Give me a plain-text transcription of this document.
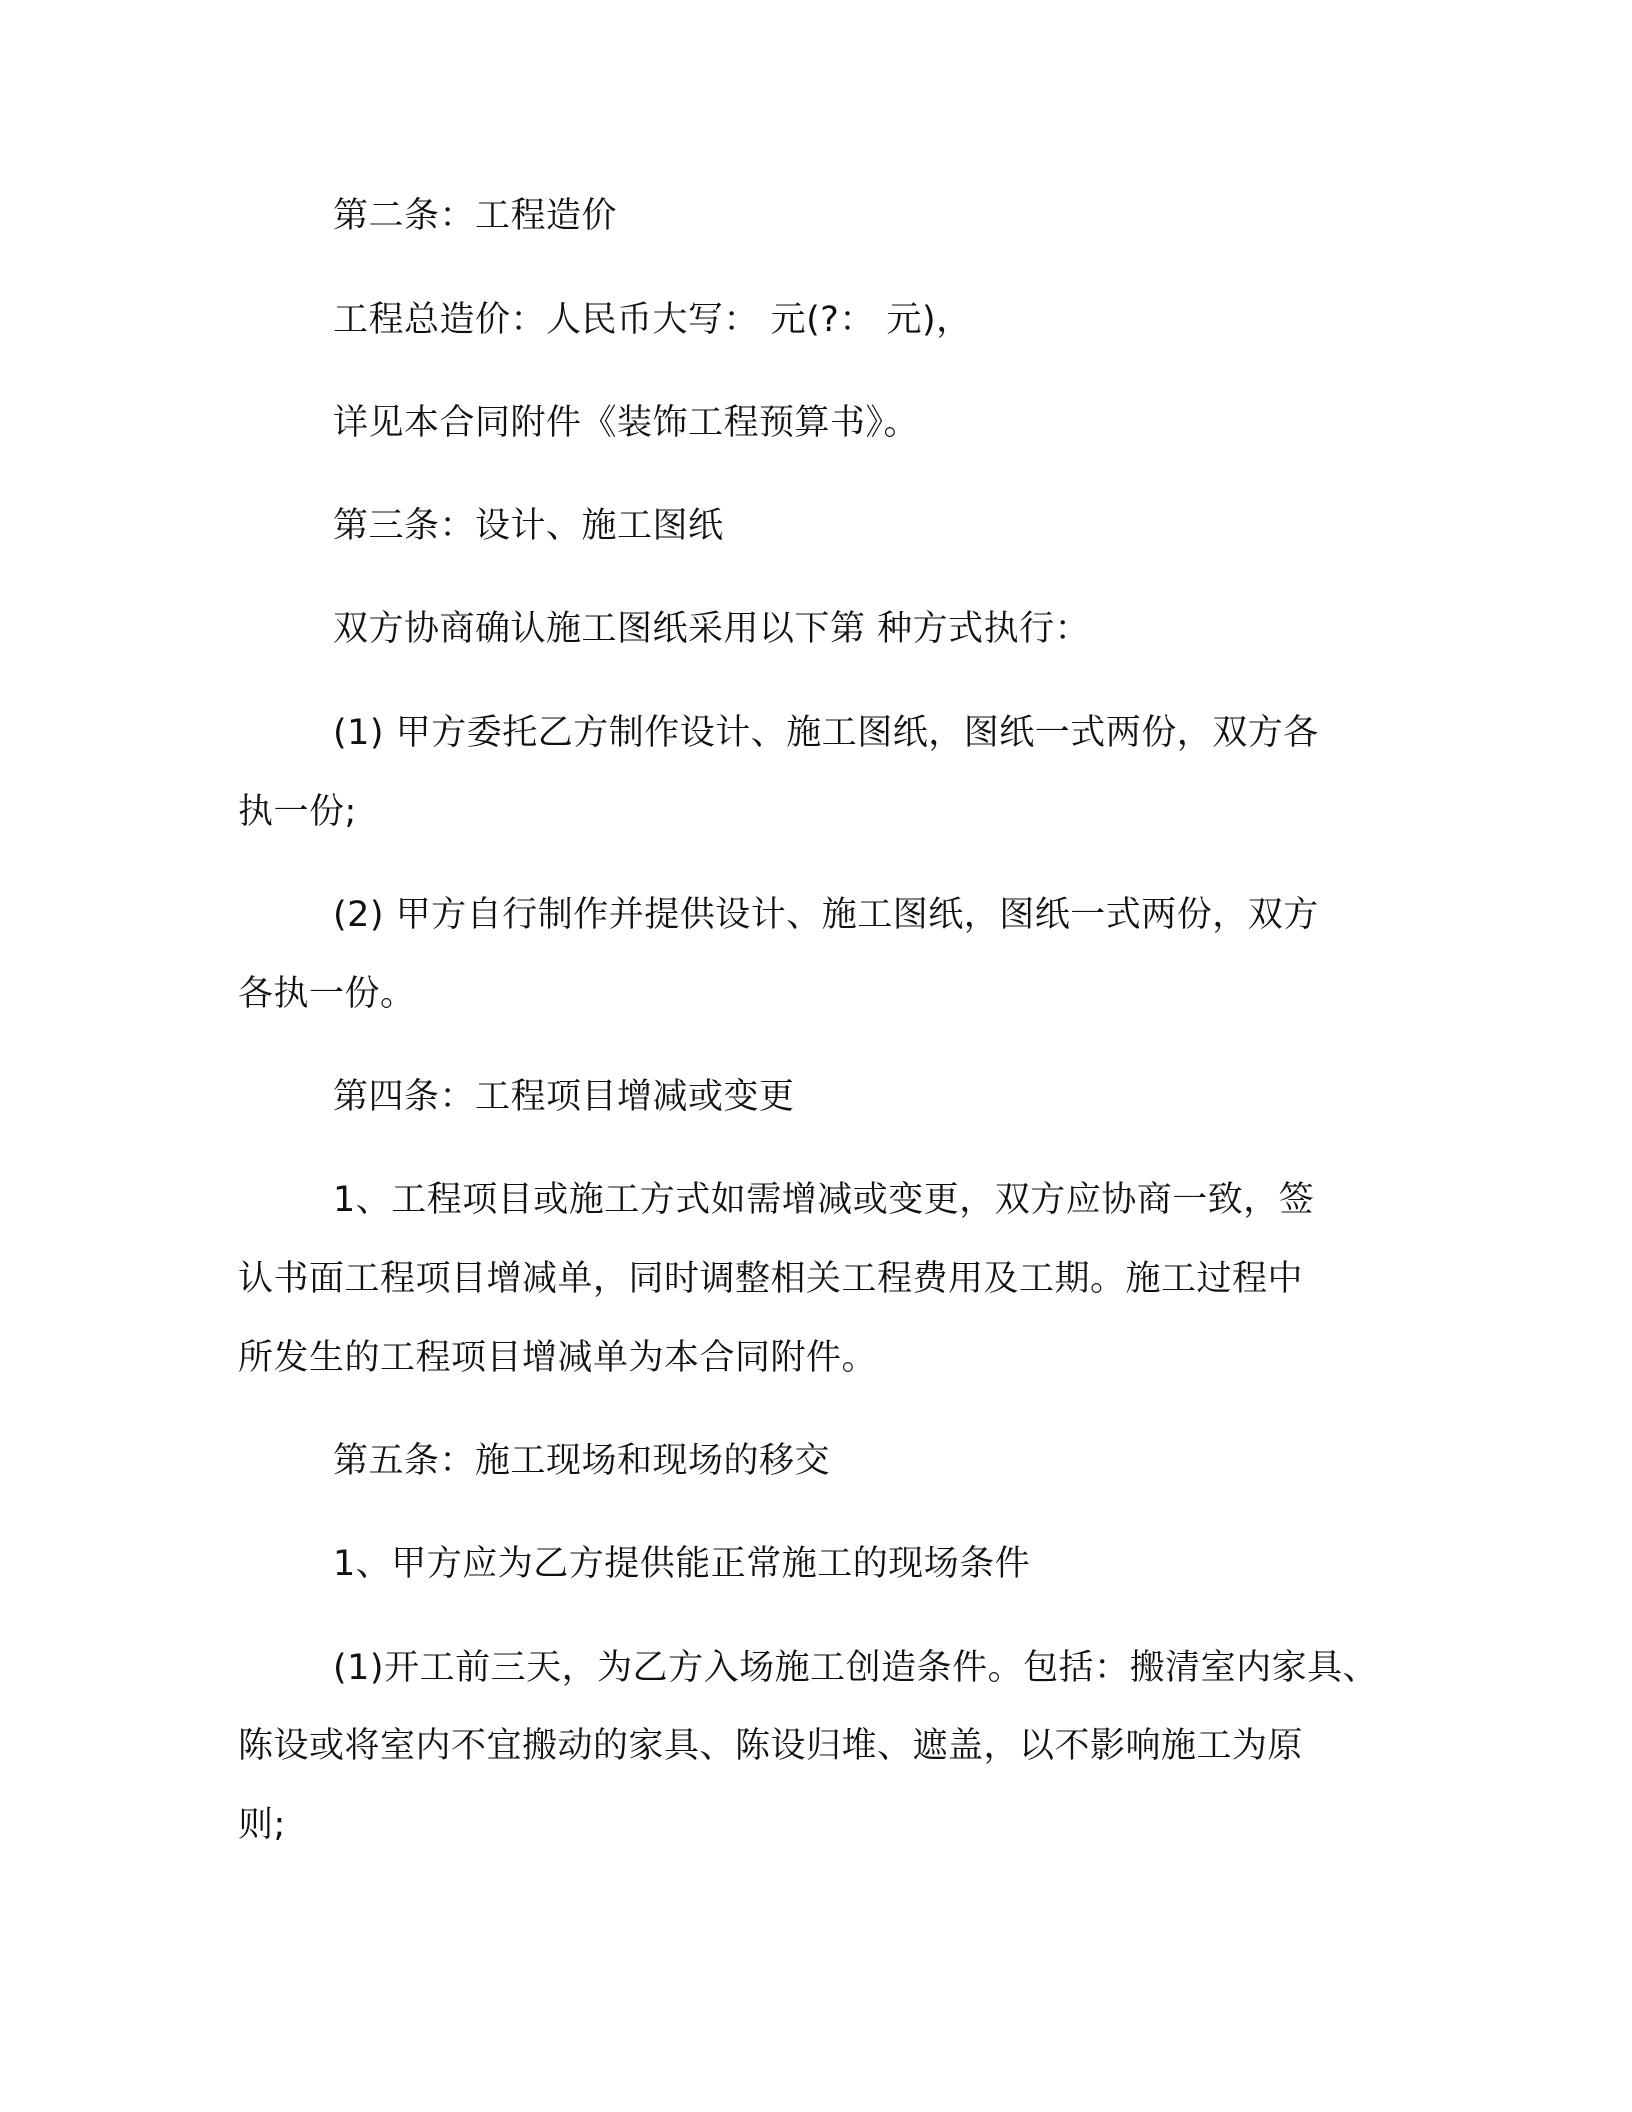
第二条：工程造价

工程总造价：人民币大写： 元(?： 元)，

详见本合同附件《装饰工程预算书》。

第三条：设计、施工图纸

双方协商确认施工图纸采用以下第 种方式执行：

(1) 甲方委托乙方制作设计、施工图纸，图纸一式两份，双方各

执一份;

(2) 甲方自行制作并提供设计、施工图纸，图纸一式两份，双方

各执一份。

第四条：工程项目增减或变更

1、工程项目或施工方式如需增减或变更，双方应协商一致，签

认书面工程项目增减单，同时调整相关工程费用及工期。施工过程中

所发生的工程项目增减单为本合同附件。

第五条：施工现场和现场的移交

1、甲方应为乙方提供能正常施工的现场条件

(1)开工前三天，为乙方入场施工创造条件。包括：搬清室内家具、

陈设或将室内不宜搬动的家具、陈设归堆、遮盖，以不影响施工为原

则;
